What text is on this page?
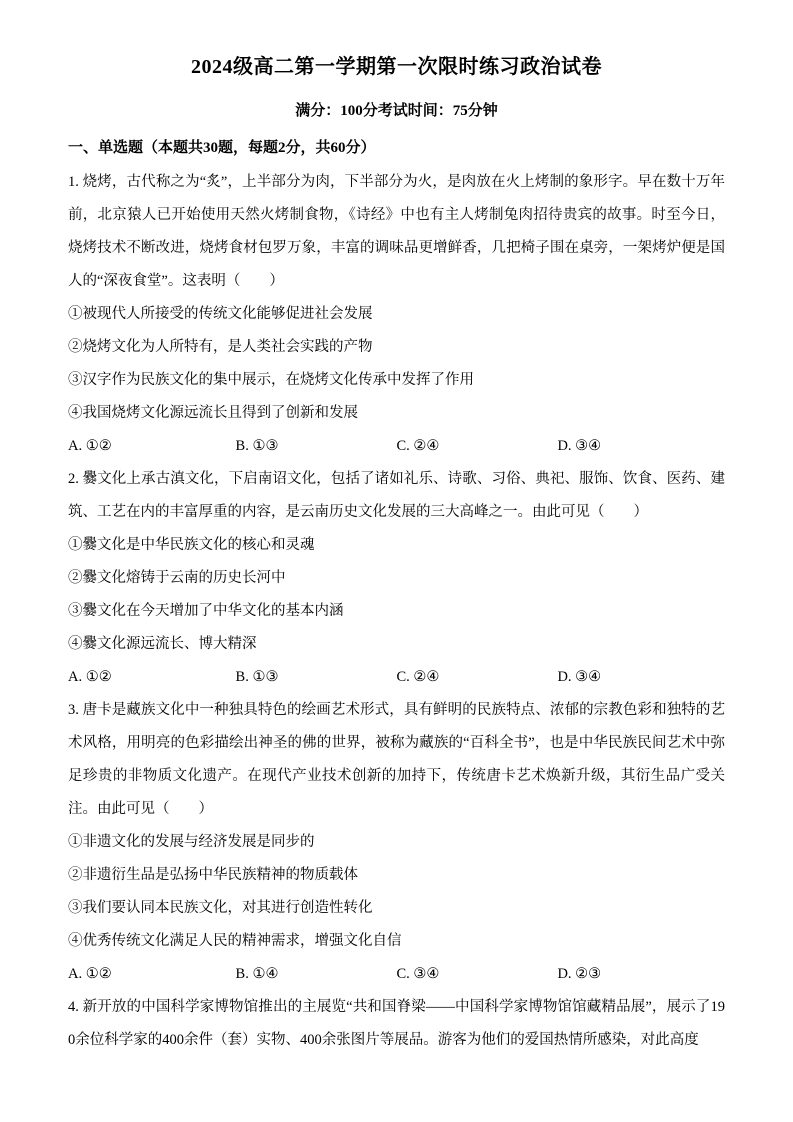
2024级高二第一学期第一次限时练习政治试卷
满分：100分考试时间：75分钟
一、单选题（本题共30题，每题2分，共60分）

1. 烧烤，古代称之为“炙”，上半部分为肉，下半部分为火，是肉放在火上烤制的象形字。早在数十万年前，北京猿人已开始使用天然火烤制食物，《诗经》中也有主人烤制兔肉招待贵宾的故事。时至今日，烧烤技术不断改进，烧烤食材包罗万象，丰富的调味品更增鲜香，几把椅子围在桌旁，一架烤炉便是国人的“深夜食堂”。这表明（　　）

①被现代人所接受的传统文化能够促进社会发展

②烧烤文化为人所特有，是人类社会实践的产物

③汉字作为民族文化的集中展示，在烧烤文化传承中发挥了作用

④我国烧烤文化源远流长且得到了创新和发展

A. ①②	B. ①③	C. ②④	D. ③④

2. 爨文化上承古滇文化，下启南诏文化，包括了诸如礼乐、诗歌、习俗、典祀、服饰、饮食、医药、建筑、工艺在内的丰富厚重的内容，是云南历史文化发展的三大高峰之一。由此可见（　　）

①爨文化是中华民族文化的核心和灵魂

②爨文化熔铸于云南的历史长河中

③爨文化在今天增加了中华文化的基本内涵

④爨文化源远流长、博大精深

A. ①②	B. ①③	C. ②④	D. ③④

3. 唐卡是藏族文化中一种独具特色的绘画艺术形式，具有鲜明的民族特点、浓郁的宗教色彩和独特的艺术风格，用明亮的色彩描绘出神圣的佛的世界，被称为藏族的“百科全书”，也是中华民族民间艺术中弥足珍贵的非物质文化遗产。在现代产业技术创新的加持下，传统唐卡艺术焕新升级，其衍生品广受关注。由此可见（　　）

①非遗文化的发展与经济发展是同步的

②非遗衍生品是弘扬中华民族精神的物质载体

③我们要认同本民族文化，对其进行创造性转化

④优秀传统文化满足人民的精神需求，增强文化自信

A. ①②	B. ①④	C. ③④	D. ②③

4. 新开放的中国科学家博物馆推出的主展览“共和国脊梁——中国科学家博物馆馆藏精品展”，展示了190余位科学家的400余件（套）实物、400余张图片等展品。游客为他们的爱国热情所感染，对此高度
